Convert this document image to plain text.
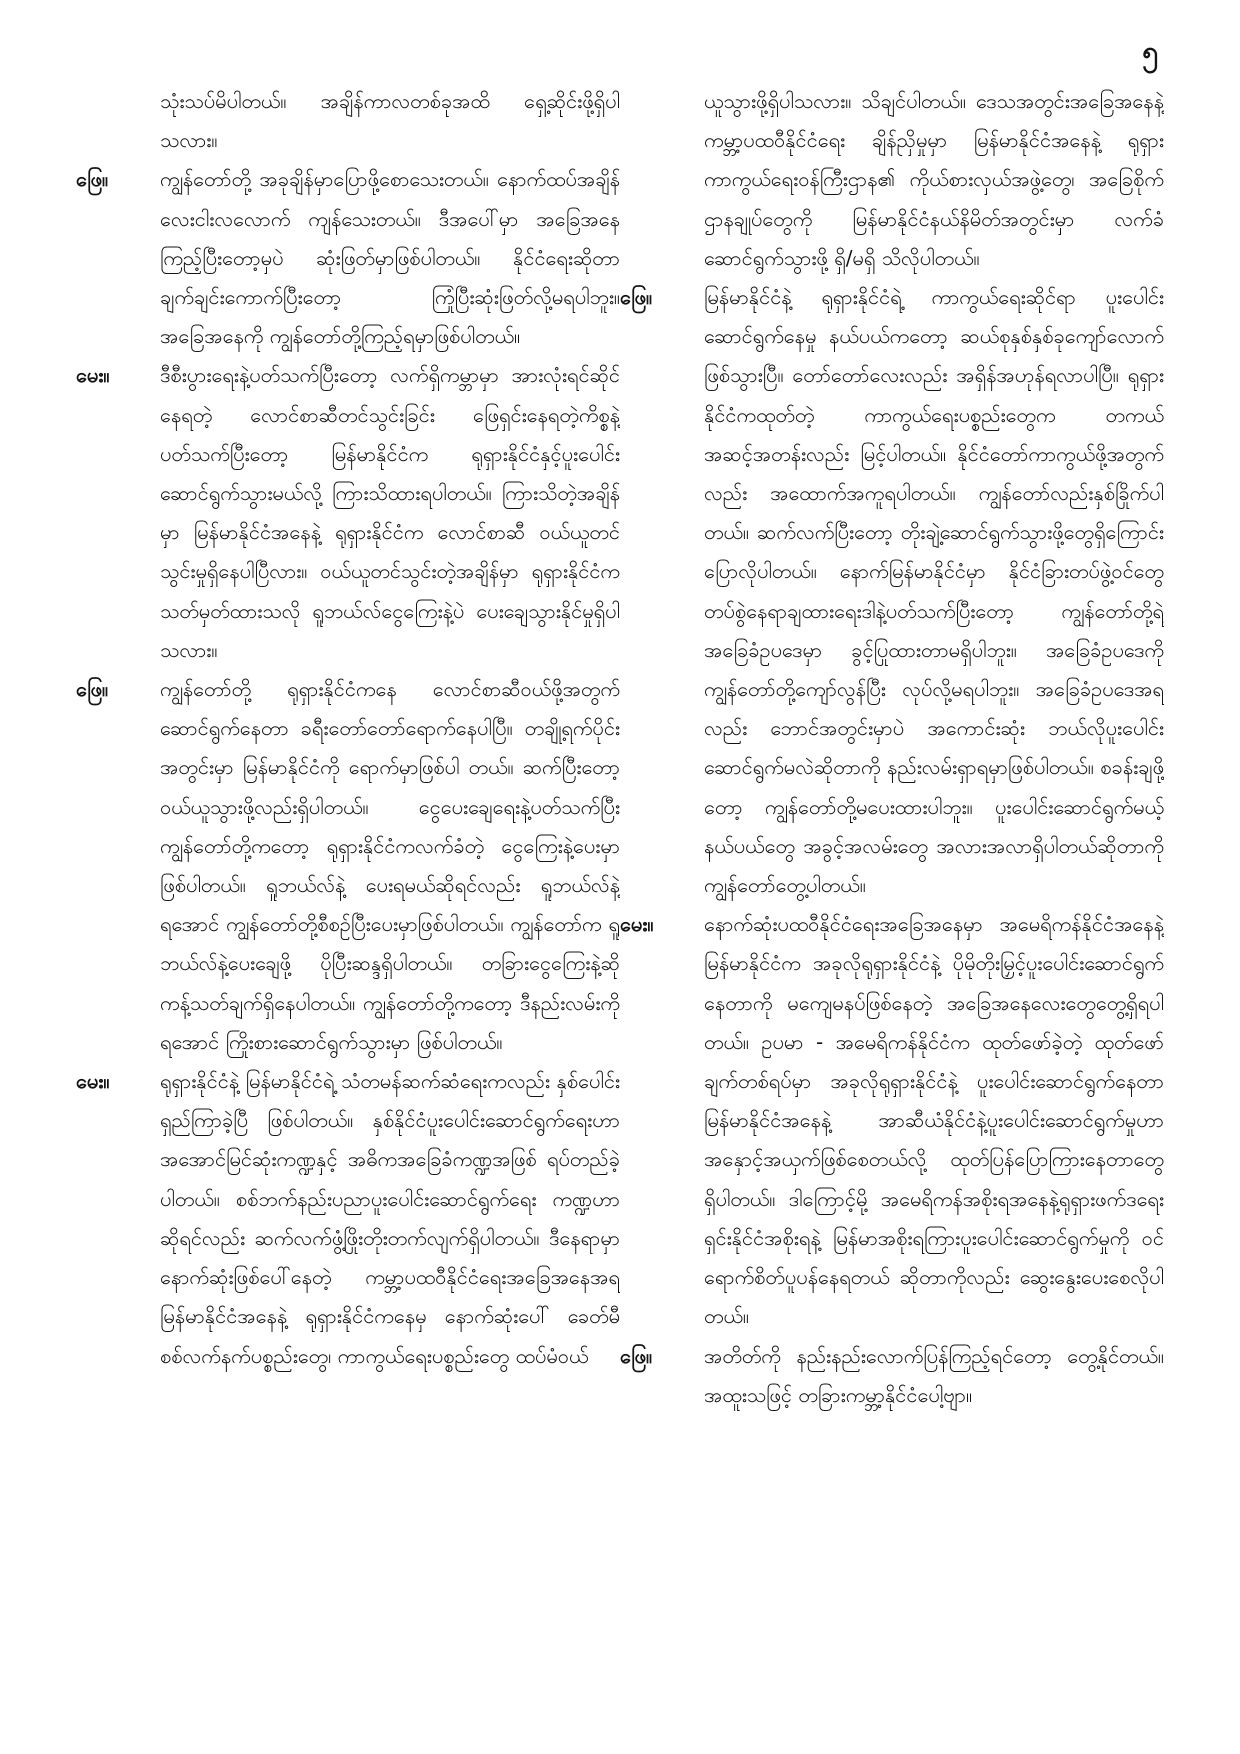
၅

သုံးသပ်မိပါတယ်။ အချိန်ကာလတစ်ခုအထိ ရှေ့ဆိုင်းဖို့ရှိပါသလား။

ဖြေ။	ကျွန်တော်တို့ အခုချိန်မှာပြောဖို့စောသေးတယ်။ နောက်ထပ်အချိန် လေးငါးလလောက် ကျန်သေးတယ်။ ဒီအပေါ်မှာ အခြေအနေကြည့်ပြီးတော့မှပဲ ဆုံးဖြတ်မှာဖြစ်ပါတယ်။ နိုင်ငံရေးဆိုတာ ချက်ချင်းကောက်ပြီးတော့ ကြုံပြီးဆုံးဖြတ်လို့မရပါဘူး။ အခြေအနေကို ကျွန်တော်တို့ကြည့်ရမှာဖြစ်ပါတယ်။

မေး။	ဒီစီးပွားရေးနဲ့ပတ်သက်ပြီးတော့ လက်ရှိကမ္ဘာမှာ အားလုံးရင်ဆိုင်နေရတဲ့ လောင်စာဆီတင်သွင်းခြင်း ဖြေရှင်းနေရတဲ့ကိစ္စနဲ့ ပတ်သက်ပြီးတော့ မြန်မာနိုင်ငံက ရုရှားနိုင်ငံနှင့်ပူးပေါင်းဆောင်ရွက်သွားမယ်လို့ ကြားသိထားရပါတယ်။ ကြားသိတဲ့အချိန်မှာ မြန်မာနိုင်ငံအနေနဲ့ ရုရှားနိုင်ငံက လောင်စာဆီ ဝယ်ယူတင်သွင်းမှုရှိနေပါပြီလား။ ဝယ်ယူတင်သွင်းတဲ့အချိန်မှာ ရုရှားနိုင်ငံက သတ်မှတ်ထားသလို ရူဘယ်လ်ငွေကြေးနဲ့ပဲ ပေးချေသွားနိုင်မှုရှိပါသလား။

ဖြေ။	ကျွန်တော်တို့ ရုရှားနိုင်ငံကနေ လောင်စာဆီဝယ်ဖို့အတွက် ဆောင်ရွက်နေတာ ခရီးတော်တော်ရောက်နေပါပြီ။ တချို့ရက်ပိုင်းအတွင်းမှာ မြန်မာနိုင်ငံကို ရောက်မှာဖြစ်ပါ တယ်။ ဆက်ပြီးတော့ ဝယ်ယူသွားဖို့လည်းရှိပါတယ်။ ငွေပေးချေရေးနဲ့ပတ်သက်ပြီး ကျွန်တော်တို့ကတော့ ရုရှားနိုင်ငံကလက်ခံတဲ့ ငွေကြေးနဲ့ပေးမှာဖြစ်ပါတယ်။ ရူဘယ်လ်နဲ့ ပေးရမယ်ဆိုရင်လည်း ရူဘယ်လ်နဲ့ရအောင် ကျွန်တော်တို့စီစဉ်ပြီးပေးမှာဖြစ်ပါတယ်။ ကျွန်တော်က ရူဘယ်လ်နဲ့ပေးချေဖို့ ပိုပြီးဆန္ဒရှိပါတယ်။ တခြားငွေကြေးနဲ့ဆို ကန့်သတ်ချက်ရှိနေပါတယ်။ ကျွန်တော်တို့ကတော့ ဒီနည်းလမ်းကိုရအောင် ကြိုးစားဆောင်ရွက်သွားမှာ ဖြစ်ပါတယ်။

မေး။	ရုရှားနိုင်ငံနဲ့ မြန်မာနိုင်ငံရဲ့ သံတမန်ဆက်ဆံရေးကလည်း နှစ်ပေါင်း ရှည်ကြာခဲ့ပြီ ဖြစ်ပါတယ်။ နှစ်နိုင်ငံပူးပေါင်းဆောင်ရွက်ရေးဟာ အအောင်မြင်ဆုံးကဏ္ဍနှင့် အဓိကအခြေခံကဏ္ဍအဖြစ် ရပ်တည်ခဲ့ပါတယ်။ စစ်ဘက်နည်းပညာပူးပေါင်းဆောင်ရွက်ရေး ကဏ္ဍဟာဆိုရင်လည်း ဆက်လက်ဖွံ့ဖြိုးတိုးတက်လျက်ရှိပါတယ်။ ဒီနေရာမှာ နောက်ဆုံးဖြစ်ပေါ်နေတဲ့ ကမ္ဘာ့ပထဝီနိုင်ငံရေးအခြေအနေအရ မြန်မာနိုင်ငံအနေနဲ့ ရုရှားနိုင်ငံကနေမှ နောက်ဆုံးပေါ် ခေတ်မီစစ်လက်နက်ပစ္စည်းတွေ၊ ကာကွယ်ရေးပစ္စည်းတွေ ထပ်မံဝယ်

ယူသွားဖို့ရှိပါသလား။ သိချင်ပါတယ်။ ဒေသအတွင်းအခြေအနေနဲ့ ကမ္ဘာ့ပထဝီနိုင်ငံရေး ချိန်ညှိမှုမှာ မြန်မာနိုင်ငံအနေနဲ့ ရုရှားကာကွယ်ရေးဝန်ကြီးဌာန၏ ကိုယ်စားလှယ်အဖွဲ့တွေ၊ အခြေစိုက်ဌာနချုပ်တွေကို မြန်မာနိုင်ငံနယ်နိမိတ်အတွင်းမှာ လက်ခံဆောင်ရွက်သွားဖို့ ရှိ/မရှိ သိလိုပါတယ်။

ဖြေ။	မြန်မာနိုင်ငံနဲ့ ရုရှားနိုင်ငံရဲ့ ကာကွယ်ရေးဆိုင်ရာ ပူးပေါင်းဆောင်ရွက်နေမှု နယ်ပယ်ကတော့ ဆယ်စုနှစ်နှစ်ခုကျော်လောက်ဖြစ်သွားပြီ။ တော်တော်လေးလည်း အရှိန်အဟုန်ရလာပါပြီ။ ရုရှားနိုင်ငံကထုတ်တဲ့ ကာကွယ်ရေးပစ္စည်းတွေက တကယ်အဆင့်အတန်းလည်း မြင့်ပါတယ်။ နိုင်ငံတော်ကာကွယ်ဖို့အတွက်လည်း အထောက်အကူရပါတယ်။ ကျွန်တော်လည်းနှစ်ခြိုက်ပါတယ်။ ဆက်လက်ပြီးတော့ တိုးချဲ့ဆောင်ရွက်သွားဖို့တွေရှိကြောင်း ပြောလိုပါတယ်။ နောက်မြန်မာနိုင်ငံမှာ နိုင်ငံခြားတပ်ဖွဲ့ဝင်တွေ တပ်စွဲနေရာချထားရေးဒါနဲ့ပတ်သက်ပြီးတော့ ကျွန်တော်တို့ရဲ့ အခြေခံဥပဒေမှာ ခွင့်ပြုထားတာမရှိပါဘူး။ အခြေခံဥပဒေကို ကျွန်တော်တို့ကျော်လွန်ပြီး လုပ်လို့မရပါဘူး။ အခြေခံဥပဒေအရလည်း ဘောင်အတွင်းမှာပဲ အကောင်းဆုံး ဘယ်လိုပူးပေါင်းဆောင်ရွက်မလဲဆိုတာကို နည်းလမ်းရှာရမှာဖြစ်ပါတယ်။ စခန်းချဖို့တော့ ကျွန်တော်တို့မပေးထားပါဘူး။ ပူးပေါင်းဆောင်ရွက်မယ့် နယ်ပယ်တွေ အခွင့်အလမ်းတွေ အလားအလာရှိပါတယ်ဆိုတာကို ကျွန်တော်တွေ့ပါတယ်။

မေး။	နောက်ဆုံးပထဝီနိုင်ငံရေးအခြေအနေမှာ အမေရိကန်နိုင်ငံအနေနဲ့ မြန်မာနိုင်ငံက အခုလိုရုရှားနိုင်ငံနဲ့ ပိုမိုတိုးမြှင့်ပူးပေါင်းဆောင်ရွက်နေတာကို မကျေမနပ်ဖြစ်နေတဲ့ အခြေအနေလေးတွေတွေ့ရှိရပါတယ်။ ဥပမာ - အမေရိကန်နိုင်ငံက ထုတ်ဖော်ခဲ့တဲ့ ထုတ်ဖော်ချက်တစ်ရပ်မှာ အခုလိုရုရှားနိုင်ငံနဲ့ ပူးပေါင်းဆောင်ရွက်နေတာ မြန်မာနိုင်ငံအနေနဲ့ အာဆီယံနိုင်ငံနဲ့ပူးပေါင်းဆောင်ရွက်မှုဟာ အနှောင့်အယှက်ဖြစ်စေတယ်လို့ ထုတ်ပြန်ပြောကြားနေတာတွေ ရှိပါတယ်။ ဒါကြောင့်မို့ အမေရိကန်အစိုးရအနေနဲ့ရုရှားဖက်ဒရေးရှင်းနိုင်ငံအစိုးရနဲ့ မြန်မာအစိုးရကြားပူးပေါင်းဆောင်ရွက်မှုကို ဝင်ရောက်စိတ်ပူပန်နေရတယ် ဆိုတာကိုလည်း ဆွေးနွေးပေးစေလိုပါတယ်။

ဖြေ။	အတိတ်ကို နည်းနည်းလောက်ပြန်ကြည့်ရင်တော့ တွေ့နိုင်တယ်။ အထူးသဖြင့် တခြားကမ္ဘာ့နိုင်ငံပေါ့ဗျာ။
